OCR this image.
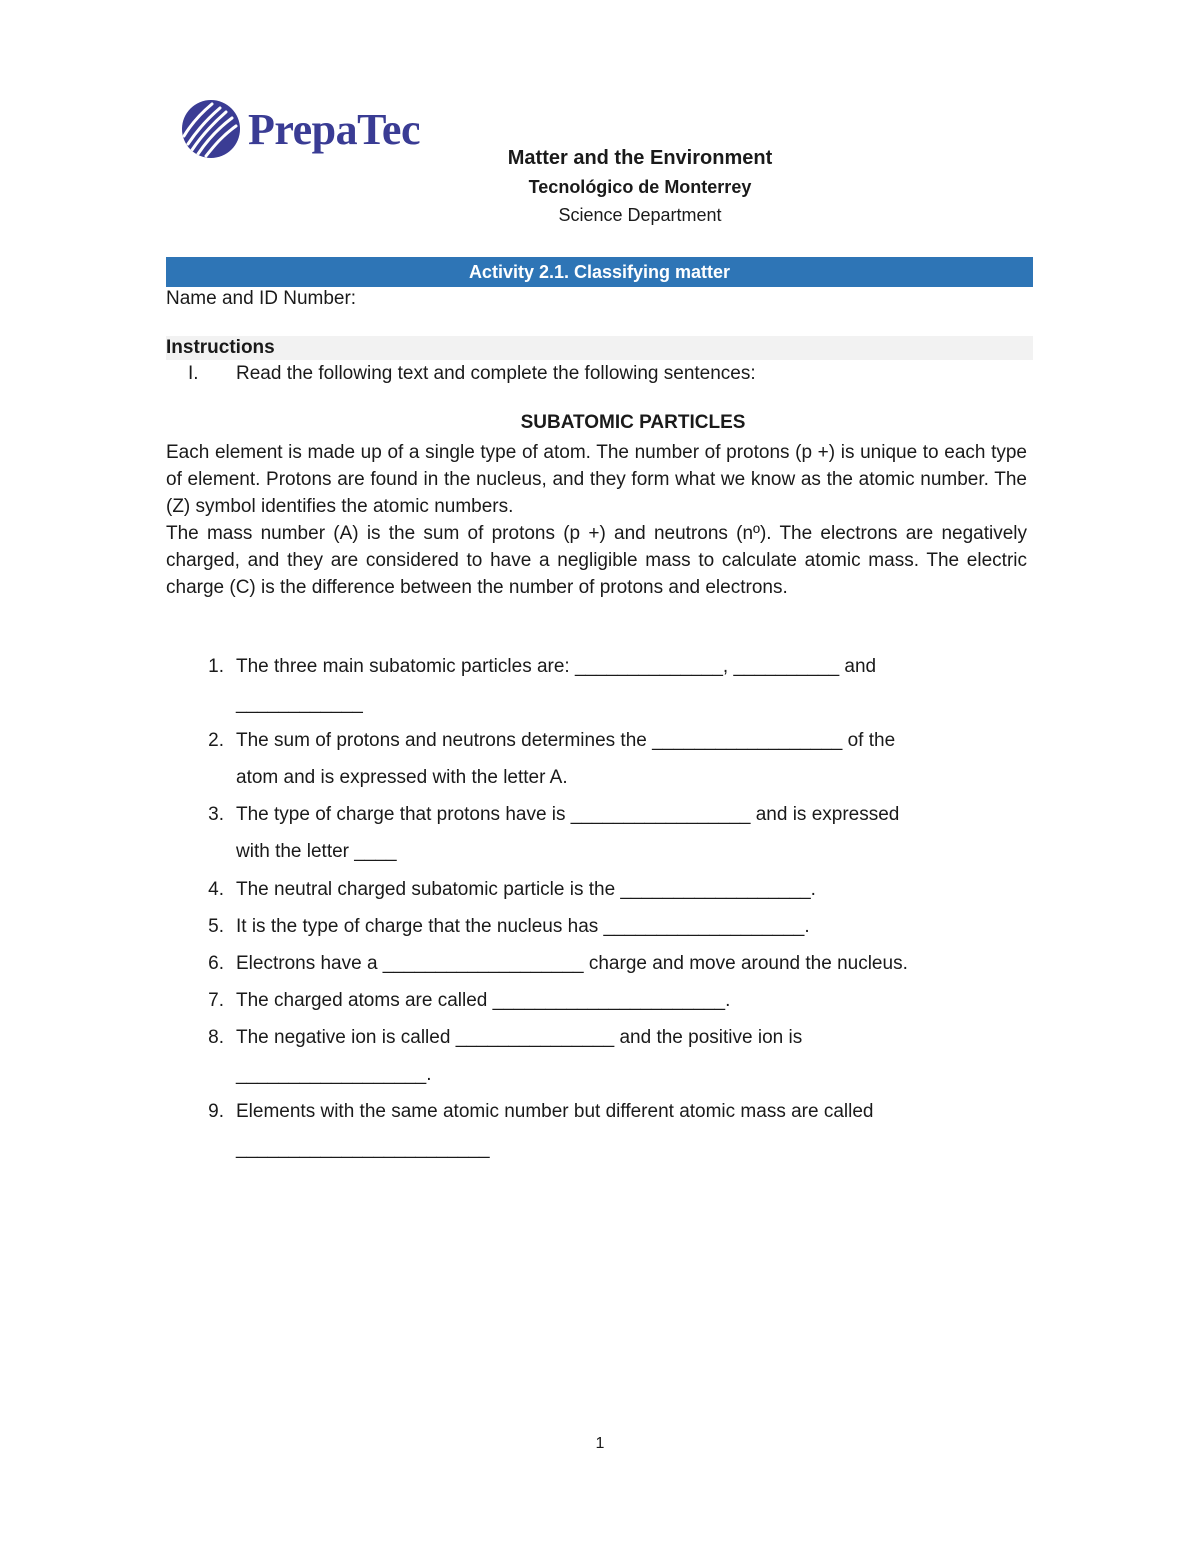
PrepaTec
Matter and the Environment
Tecnológico de Monterrey
Science Department
Activity 2.1. Classifying matter
Name and ID Number:
Instructions
I. Read the following text and complete the following sentences:
SUBATOMIC PARTICLES

Each element is made up of a single type of atom. The number of protons (p +) is unique to each type of element. Protons are found in the nucleus, and they form what we know as the atomic number. The (Z) symbol identifies the atomic numbers.

The mass number (A) is the sum of protons (p +) and neutrons (nº). The electrons are negatively charged, and they are considered to have a negligible mass to calculate atomic mass. The electric charge (C) is the difference between the number of protons and electrons.

1. The three main subatomic particles are: ______________, __________ and
____________
2. The sum of protons and neutrons determines the __________________ of the
atom and is expressed with the letter A.
3. The type of charge that protons have is _________________ and is expressed
with the letter ____
4. The neutral charged subatomic particle is the __________________.
5. It is the type of charge that the nucleus has ___________________.
6. Electrons have a ___________________ charge and move around the nucleus.
7. The charged atoms are called ______________________.
8. The negative ion is called _______________ and the positive ion is
__________________.
9. Elements with the same atomic number but different atomic mass are called
________________________
1
